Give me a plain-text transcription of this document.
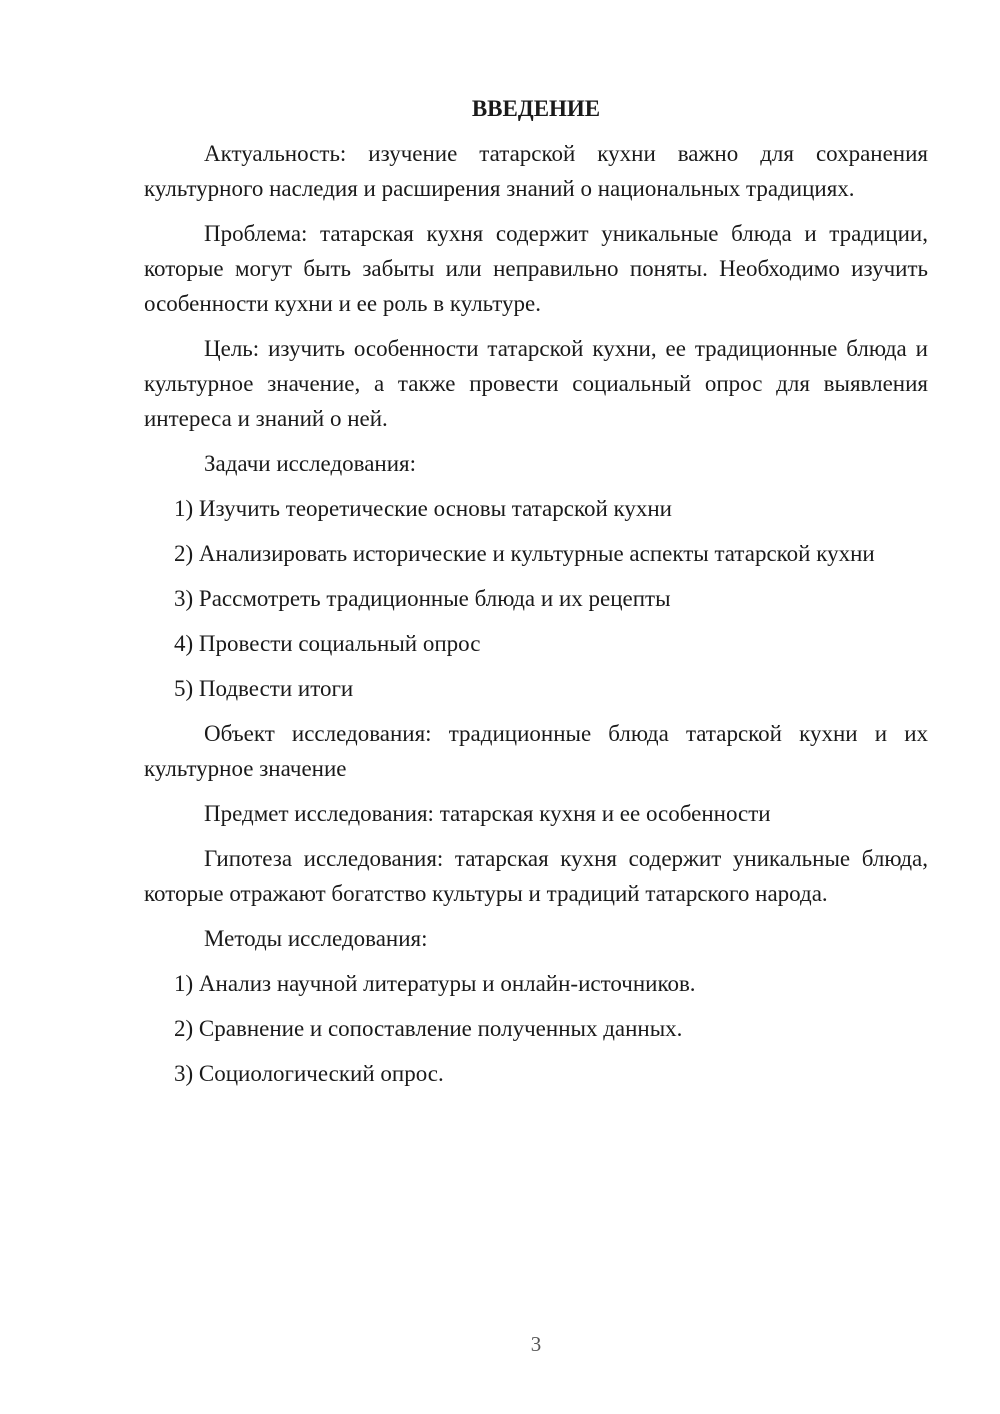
ВВЕДЕНИЕ

Актуальность: изучение татарской кухни важно для сохранения культурного наследия и расширения знаний о национальных традициях.

Проблема: татарская кухня содержит уникальные блюда и традиции, которые могут быть забыты или неправильно поняты. Необходимо изучить особенности кухни и ее роль в культуре.

Цель: изучить особенности татарской кухни, ее традиционные блюда и культурное значение, а также провести социальный опрос для выявления интереса и знаний о ней.

Задачи исследования:

1) Изучить теоретические основы татарской кухни

2) Анализировать исторические и культурные аспекты татарской кухни

3) Рассмотреть традиционные блюда и их рецепты

4) Провести социальный опрос

5) Подвести итоги

Объект исследования: традиционные блюда татарской кухни и их культурное значение

Предмет исследования: татарская кухня и ее особенности

Гипотеза исследования: татарская кухня содержит уникальные блюда, которые отражают богатство культуры и традиций татарского народа.

Методы исследования:

1) Анализ научной литературы и онлайн-источников.

2) Сравнение и сопоставление полученных данных.

3) Социологический опрос.

3
